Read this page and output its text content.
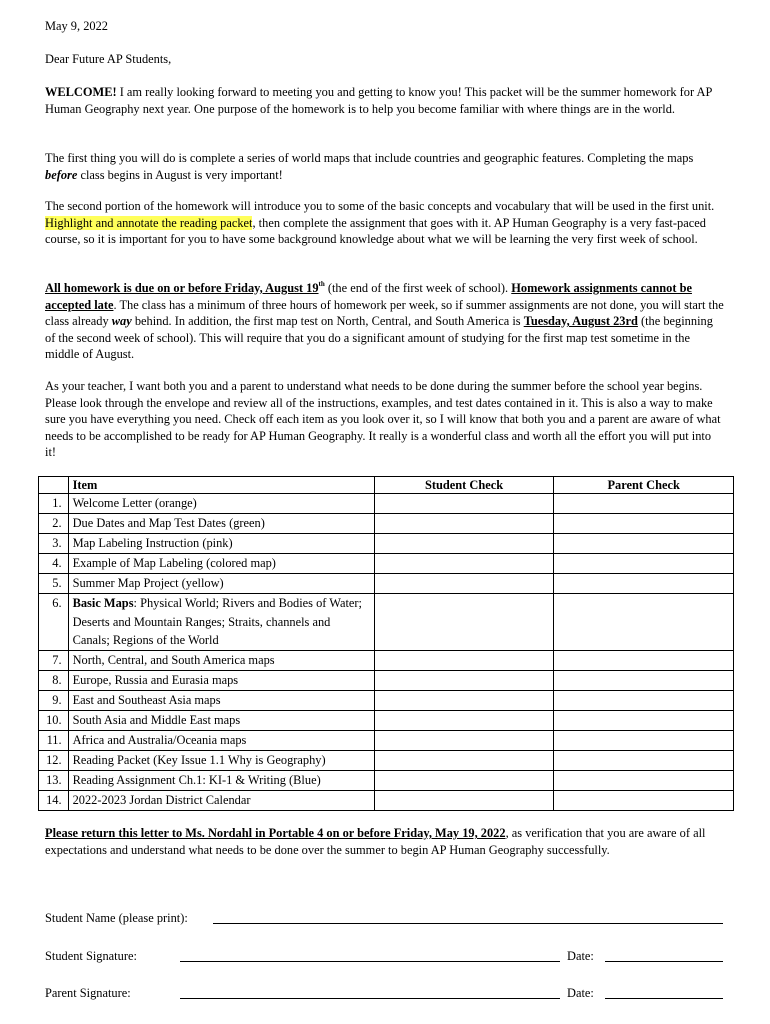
May 9, 2022

Dear Future AP Students,

WELCOME! I am really looking forward to meeting you and getting to know you! This packet will be the summer homework for AP Human Geography next year. One purpose of the homework is to help you become familiar with where things are in the world.

The first thing you will do is complete a series of world maps that include countries and geographic features. Completing the maps before class begins in August is very important!

The second portion of the homework will introduce you to some of the basic concepts and vocabulary that will be used in the first unit. Highlight and annotate the reading packet, then complete the assignment that goes with it. AP Human Geography is a very fast-paced course, so it is important for you to have some background knowledge about what we will be learning the very first week of school.

All homework is due on or before Friday, August 19th (the end of the first week of school). Homework assignments cannot be accepted late. The class has a minimum of three hours of homework per week, so if summer assignments are not done, you will start the class already way behind. In addition, the first map test on North, Central, and South America is Tuesday, August 23rd (the beginning of the second week of school). This will require that you do a significant amount of studying for the first map test sometime in the middle of August.

As your teacher, I want both you and a parent to understand what needs to be done during the summer before the school year begins. Please look through the envelope and review all of the instructions, examples, and test dates contained in it. This is also a way to make sure you have everything you need. Check off each item as you look over it, so I will know that both you and a parent are aware of what needs to be accomplished to be ready for AP Human Geography. It really is a wonderful class and worth all the effort you will put into it!

	Item	Student Check	Parent Check
1.	Welcome Letter (orange)		
2.	Due Dates and Map Test Dates (green)		
3.	Map Labeling Instruction (pink)		
4.	Example of Map Labeling (colored map)		
5.	Summer Map Project (yellow)		
6.	Basic Maps: Physical World; Rivers and Bodies of Water; Deserts and Mountain Ranges; Straits, channels and Canals; Regions of the World		
7.	North, Central, and South America maps		
8.	Europe, Russia and Eurasia maps		
9.	East and Southeast Asia maps		
10.	South Asia and Middle East maps		
11.	Africa and Australia/Oceania maps		
12.	Reading Packet (Key Issue 1.1 Why is Geography)		
13.	Reading Assignment Ch.1: KI-1 & Writing (Blue)		
14.	2022-2023 Jordan District Calendar		

Please return this letter to Ms. Nordahl in Portable 4 on or before Friday, May 19, 2022, as verification that you are aware of all expectations and understand what needs to be done over the summer to begin AP Human Geography successfully.

Student Name (please print):
Student Signature:	Date:
Parent Signature:	Date:
